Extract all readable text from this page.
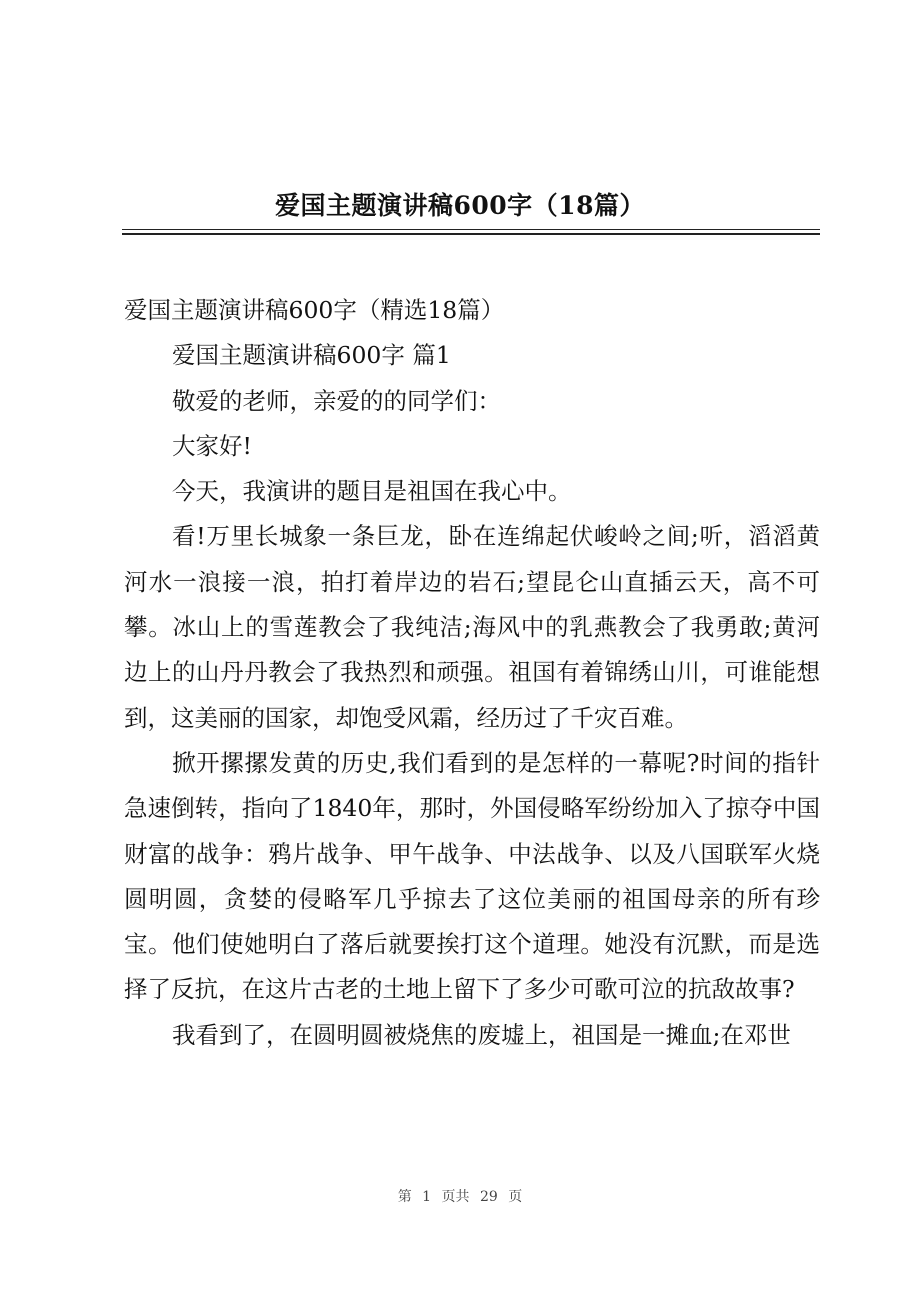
爱国主题演讲稿600字（18篇）

爱国主题演讲稿600字（精选18篇）

爱国主题演讲稿600字 篇1

敬爱的老师，亲爱的的同学们：

大家好!

今天，我演讲的题目是祖国在我心中。

看!万里长城象一条巨龙，卧在连绵起伏峻岭之间;听，滔滔黄河水一浪接一浪，拍打着岸边的岩石;望昆仑山直插云天，高不可攀。冰山上的雪莲教会了我纯洁;海风中的乳燕教会了我勇敢;黄河边上的山丹丹教会了我热烈和顽强。祖国有着锦绣山川，可谁能想到，这美丽的国家，却饱受风霜，经历过了千灾百难。

掀开摞摞发黄的历史,我们看到的是怎样的一幕呢?时间的指针急速倒转，指向了1840年，那时，外国侵略军纷纷加入了掠夺中国财富的战争：鸦片战争、甲午战争、中法战争、以及八国联军火烧圆明圆，贪婪的侵略军几乎掠去了这位美丽的祖国母亲的所有珍宝。他们使她明白了落后就要挨打这个道理。她没有沉默，而是选择了反抗，在这片古老的土地上留下了多少可歌可泣的抗敌故事?

我看到了，在圆明圆被烧焦的废墟上，祖国是一摊血;在邓世

第 1 页共 29 页
